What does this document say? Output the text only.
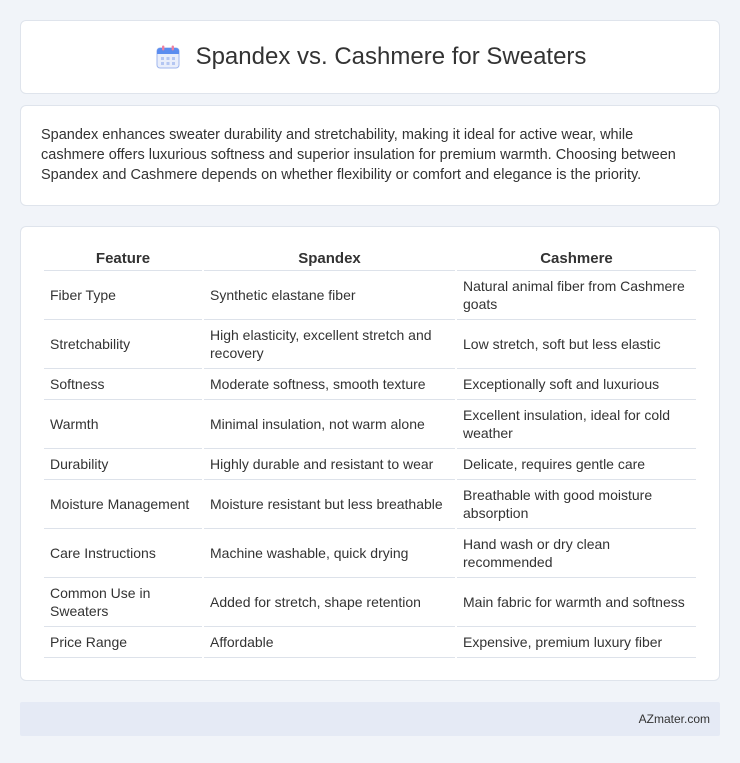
Spandex vs. Cashmere for Sweaters

Spandex enhances sweater durability and stretchability, making it ideal for active wear, while cashmere offers luxurious softness and superior insulation for premium warmth. Choosing between Spandex and Cashmere depends on whether flexibility or comfort and elegance is the priority.

Feature	Spandex	Cashmere
Fiber Type	Synthetic elastane fiber	Natural animal fiber from Cashmere goats
Stretchability	High elasticity, excellent stretch and recovery	Low stretch, soft but less elastic
Softness	Moderate softness, smooth texture	Exceptionally soft and luxurious
Warmth	Minimal insulation, not warm alone	Excellent insulation, ideal for cold weather
Durability	Highly durable and resistant to wear	Delicate, requires gentle care
Moisture Management	Moisture resistant but less breathable	Breathable with good moisture absorption
Care Instructions	Machine washable, quick drying	Hand wash or dry clean recommended
Common Use in Sweaters	Added for stretch, shape retention	Main fabric for warmth and softness
Price Range	Affordable	Expensive, premium luxury fiber
AZmater.com
